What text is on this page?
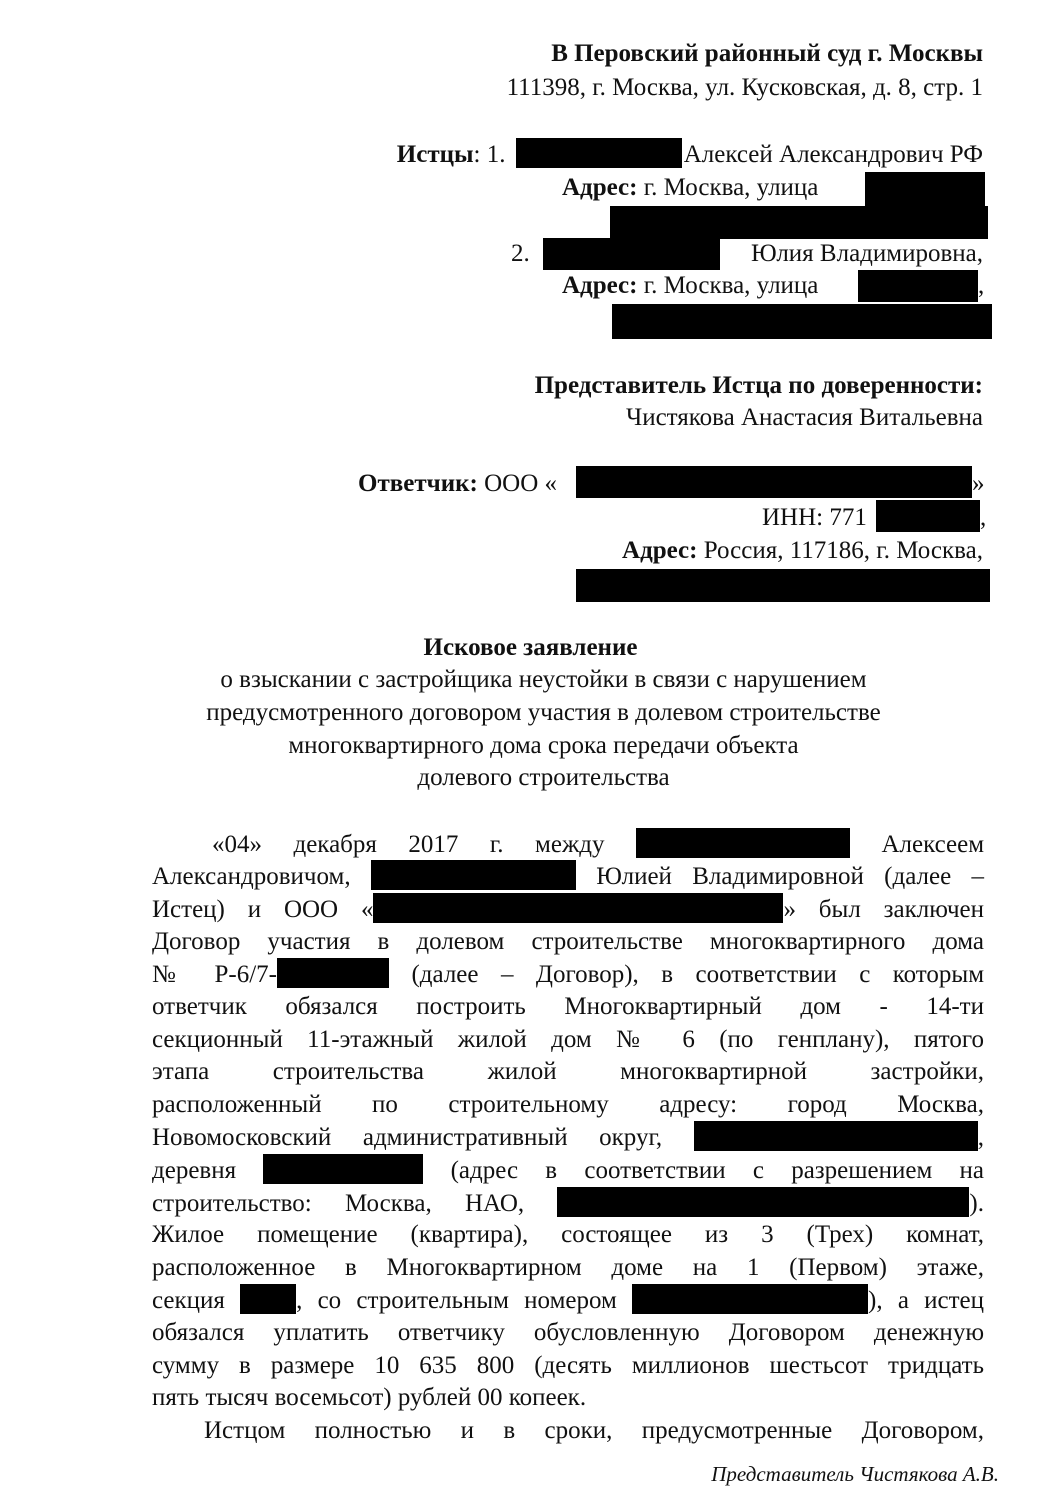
В Перовский районный суд г. Москвы
111398, г. Москва, ул. Кусковская, д. 8, стр. 1
Истцы: 1.	Алексей Александрович РФ
Адрес: г. Москва, улица
2.	Юлия Владимировна,
Адрес: г. Москва, улица	,
Представитель Истца по доверенности:
Чистякова Анастасия Витальевна
Ответчик: ООО «	»
ИНН: 771	,
Адрес: Россия, 117186, г. Москва,
Исковое заявление
о взыскании с застройщика неустойки в связи с нарушением
предусмотренного договором участия в долевом строительстве
многоквартирного дома срока передачи объекта
долевого строительства
«04» декабря 2017 г. между	Алексеем
Александровичом,	Юлией Владимировной (далее –
Истец) и ООО «	» был заключен
Договор участия в долевом строительстве многоквартирного дома
№ Р-6/7-	(далее – Договор), в соответствии с которым
ответчик обязался построить Многоквартирный дом - 14-ти
секционный 11-этажный жилой дом № 6 (по генплану), пятого
этапа строительства жилой многоквартирной застройки,
расположенный по строительному адресу: город Москва,
Новомосковский административный округ,	,
деревня	(адрес в соответствии с разрешением на
строительство: Москва, НАО,	).
Жилое помещение (квартира), состоящее из 3 (Трех) комнат,
расположенное в Многоквартирном доме на 1 (Первом) этаже,
секция	, со строительным номером	), а истец
обязался уплатить ответчику обусловленную Договором денежную
сумму в размере 10 635 800 (десять миллионов шестьсот тридцать
пять тысяч восемьсот) рублей 00 копеек.
Истцом полностью и в сроки, предусмотренные Договором,
Представитель Чистякова А.В.
